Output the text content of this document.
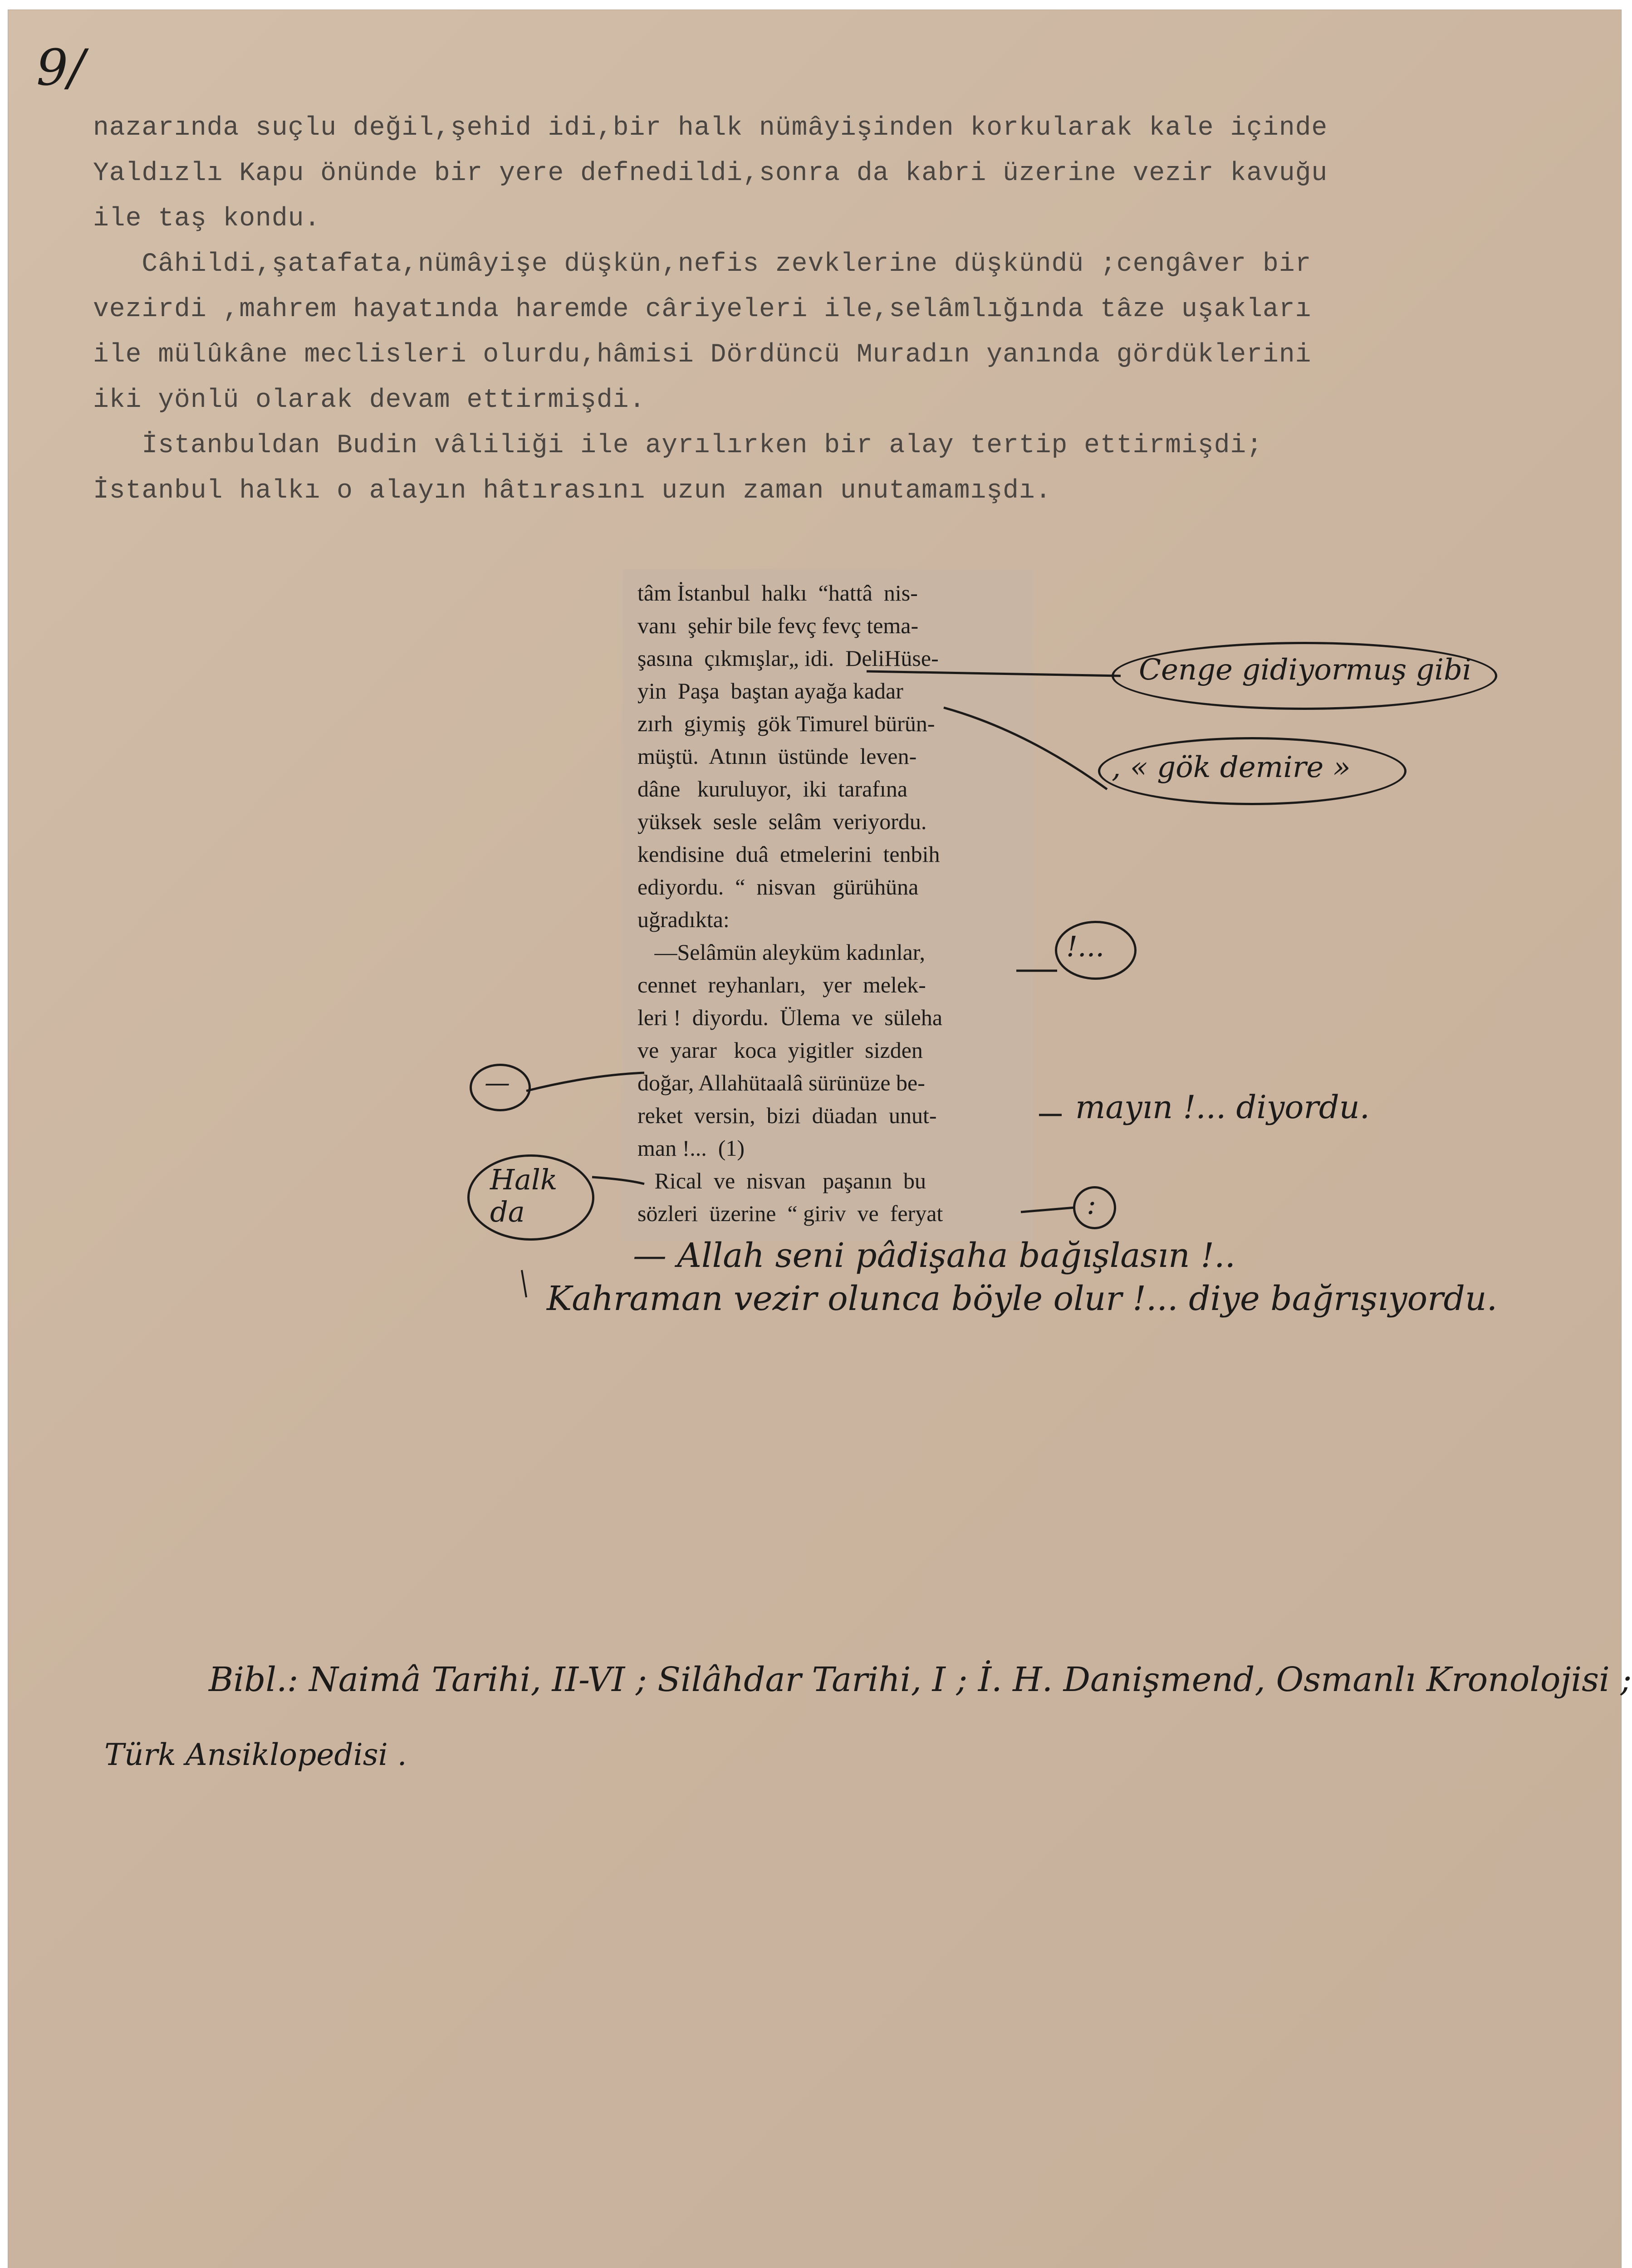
9/
nazarında suçlu değil,şehid idi,bir halk nümâyişinden korkularak kale içinde
Yaldızlı Kapu önünde bir yere defnedildi,sonra da kabri üzerine vezir kavuğu
ile taş kondu.
Câhildi,şatafata,nümâyişe düşkün,nefis zevklerine düşkündü ;cengâver bir
vezirdi ,mahrem hayatında haremde câriyeleri ile,selâmlığında tâze uşakları
ile mülûkâne meclisleri olurdu,hâmisi Dördüncü Muradın yanında gördüklerini
iki yönlü olarak devam ettirmişdi.
İstanbuldan Budin vâliliği ile ayrılırken bir alay tertip ettirmişdi;
İstanbul halkı o alayın hâtırasını uzun zaman unutamamışdı.
tâm İstanbul  halkı  “hattâ  nis-
vanı  şehir bile fevç fevç tema-
şasına  çıkmışlar„ idi.  DeliHüse-
yin  Paşa  baştan ayağa kadar
zırh  giymiş  gök Timurel bürün-
müştü.  Atının  üstünde  leven-
dâne   kuruluyor,  iki  tarafına
yüksek  sesle  selâm  veriyordu.
kendisine  duâ  etmelerini  tenbih
ediyordu.  “  nisvan   gürühüna
uğradıkta:
—Selâmün aleyküm kadınlar,
cennet  reyhanları,   yer  melek-
leri !  diyordu.  Ülema  ve  süleha
ve  yarar   koca  yigitler  sizden
doğar, Allahütaalâ sürünüze be-
reket  versin,  bizi  düadan  unut-
man !...  (1)
Rical  ve  nisvan   paşanın  bu
sözleri  üzerine  “ giriv  ve  feryat
Cenge gidiyormuş gibi
, « gök demire »
!...
—
mayın !... diyordu.
Halk da	:
— Allah seni pâdişaha bağışlasın !..
Kahraman vezir olunca böyle olur !... diye bağrışıyordu.
Bibl.: Naimâ Tarihi, II-VI ; Silâhdar Tarihi, I ; İ. H. Danişmend, Osmanlı Kronolojisi ;
Türk Ansiklopedisi .
